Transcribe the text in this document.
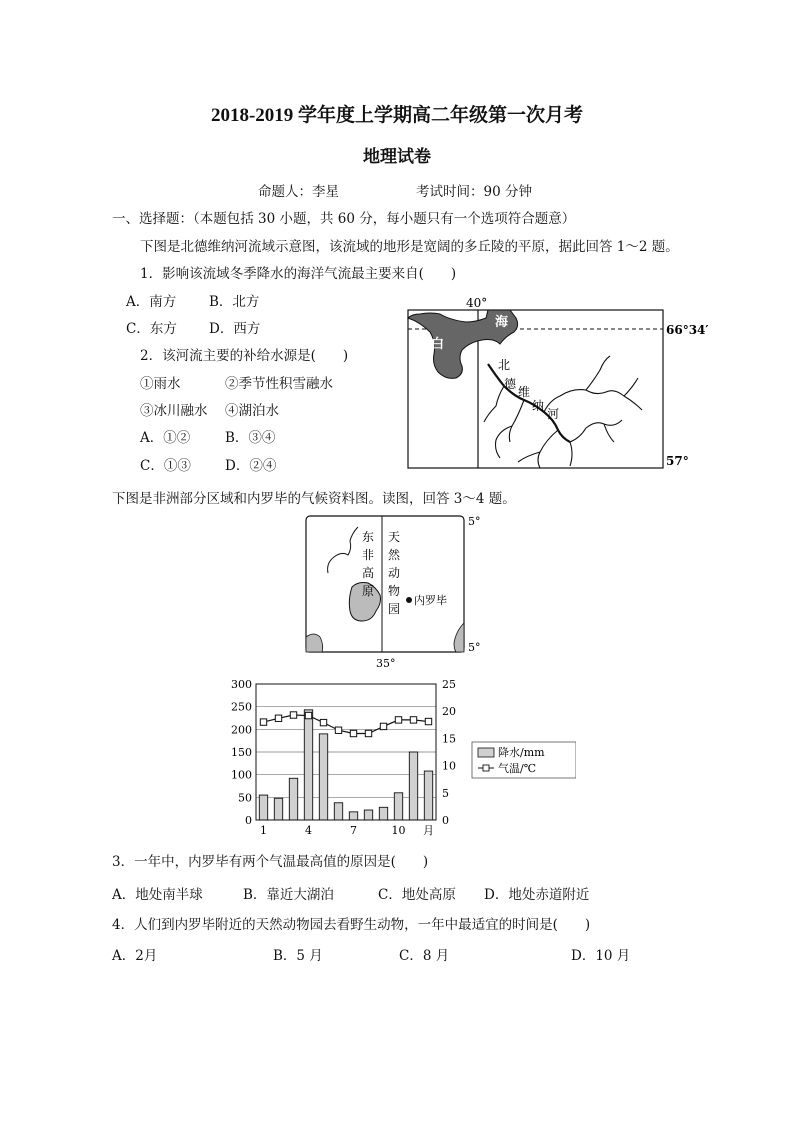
2018-2019 学年度上学期高二年级第一次月考
地理试卷
命题人：李星	考试时间：90 分钟
一、选择题：（本题包括 30 小题，共 60 分，每小题只有一个选项符合题意）
下图是北德维纳河流域示意图，该流域的地形是宽阔的多丘陵的平原，据此回答 1～2 题。
1．影响该流域冬季降水的海洋气流最主要来自(　　)
A．南方 B．北方
C．东方 D．西方
2．该河流主要的补给水源是(　　)
①雨水	②季节性积雪融水
③冰川融水 ④湖泊水
A．①②	B．③④
C．①③	D．②④
海
白
40°
66°34′
57°
北
德
维
纳
河
下图是非洲部分区域和内罗毕的气候资料图。读图，回答 3～4 题。
东
非
高
原
天
然
动
物
园
内罗毕
5°
5°
35°
0
50
100
150
200
250
300
0
5
10
15
20
25
1	4	7	10 月
降水/mm
气温/℃
3．一年中，内罗毕有两个气温最高值的原因是(　　)
A．地处南半球	B．靠近大湖泊	C．地处高原 D．地处赤道附近
4．人们到内罗毕附近的天然动物园去看野生动物，一年中最适宜的时间是(　　)
A．2月	B．5 月	C．8 月	D．10 月
